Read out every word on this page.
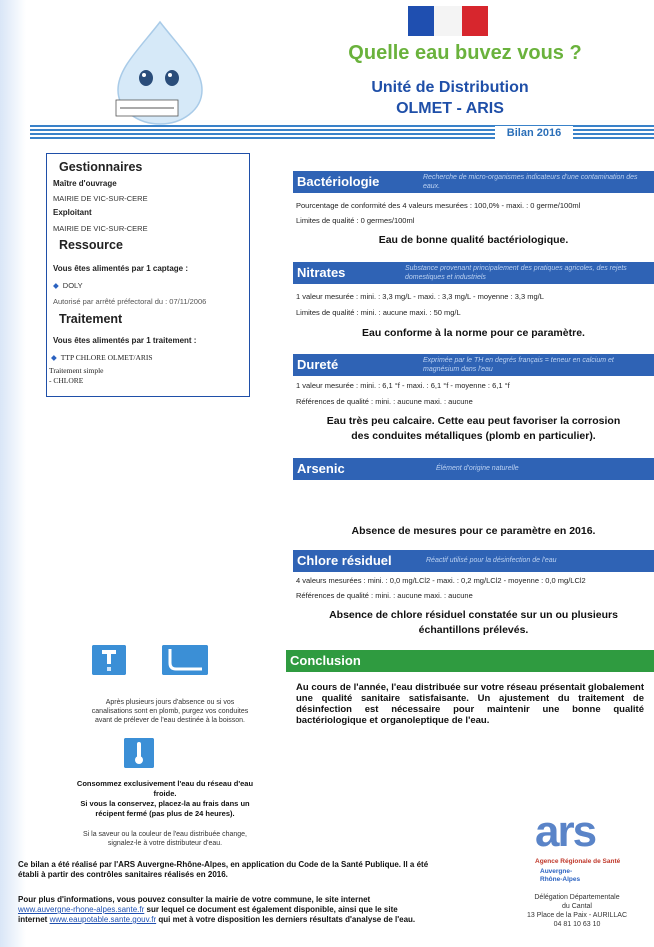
Quelle eau buvez vous ?
Unité de Distribution
OLMET - ARIS
Bilan 2016
Gestionnaires
Maître d'ouvrage
MAIRIE DE VIC-SUR-CERE
Exploitant
MAIRIE DE VIC-SUR-CERE
Ressource
Vous êtes alimentés par 1 captage :
◆ DOLY
Autorisé par arrêté préfectoral du : 07/11/2006
Traitement
Vous êtes alimentés par 1 traitement :
◆ TTP CHLORE OLMET/ARIS
Traitement simple
- CHLORE
Bactériologie	Recherche de micro-organismes indicateurs d'une contamination des eaux.
Pourcentage de conformité des 4 valeurs mesurées : 100,0% - maxi. : 0 germe/100ml
Limites de qualité : 0 germes/100ml
Eau de bonne qualité bactériologique.
Nitrates	Substance provenant principalement des pratiques agricoles, des rejets domestiques et industriels
1 valeur mesurée : mini. : 3,3 mg/L - maxi. : 3,3 mg/L - moyenne : 3,3 mg/L
Limites de qualité : mini. : aucune maxi. : 50 mg/L
Eau conforme à la norme pour ce paramètre.
Dureté	Exprimée par le TH en degrés français = teneur en calcium et magnésium dans l'eau
1 valeur mesurée : mini. : 6,1 °f - maxi. : 6,1 °f - moyenne : 6,1 °f
Références de qualité : mini. : aucune maxi. : aucune
Eau très peu calcaire. Cette eau peut favoriser la corrosion
des conduites métalliques (plomb en particulier).
Arsenic	Élément d'origine naturelle
Absence de mesures pour ce paramètre en 2016.
Chlore résiduel	Réactif utilisé pour la désinfection de l'eau
4 valeurs mesurées : mini. : 0,0 mg/LCl2 - maxi. : 0,2 mg/LCl2 - moyenne : 0,0 mg/LCl2
Références de qualité : mini. : aucune maxi. : aucune
Absence de chlore résiduel constatée sur un ou plusieurs
échantillons prélevés.
Conclusion
Au cours de l'année, l'eau distribuée sur votre réseau présentait globalement une qualité sanitaire satisfaisante. Un ajustement du traitement de désinfection est nécessaire pour maintenir une bonne qualité bactériologique et organoleptique de l'eau.
Après plusieurs jours d'absence ou si vos
canalisations sont en plomb, purgez vos conduites
avant de prélever de l'eau destinée à la boisson.
Consommez exclusivement l'eau du réseau d'eau
froide.
Si vous la conservez, placez-la au frais dans un
récipent fermé (pas plus de 24 heures).
Si la saveur ou la couleur de l'eau distribuée change,
signalez-le à votre distributeur d'eau.
Ce bilan a été réalisé par l'ARS Auvergne-Rhône-Alpes, en application du Code de la Santé Publique. Il a été
établi à partir des contrôles sanitaires réalisés en 2016.
Pour plus d'informations, vous pouvez consulter la mairie de votre commune, le site internet
www.auvergne-rhone-alpes.sante.fr sur lequel ce document est également disponible, ainsi que le site
internet www.eaupotable.sante.gouv.fr qui met à votre disposition les derniers résultats d'analyse de l'eau.
ars
Agence Régionale de Santé
Auvergne-
Rhône-Alpes
Délégation Départementale
du Cantal
13 Place de la Paix - AURILLAC
04 81 10 63 10
